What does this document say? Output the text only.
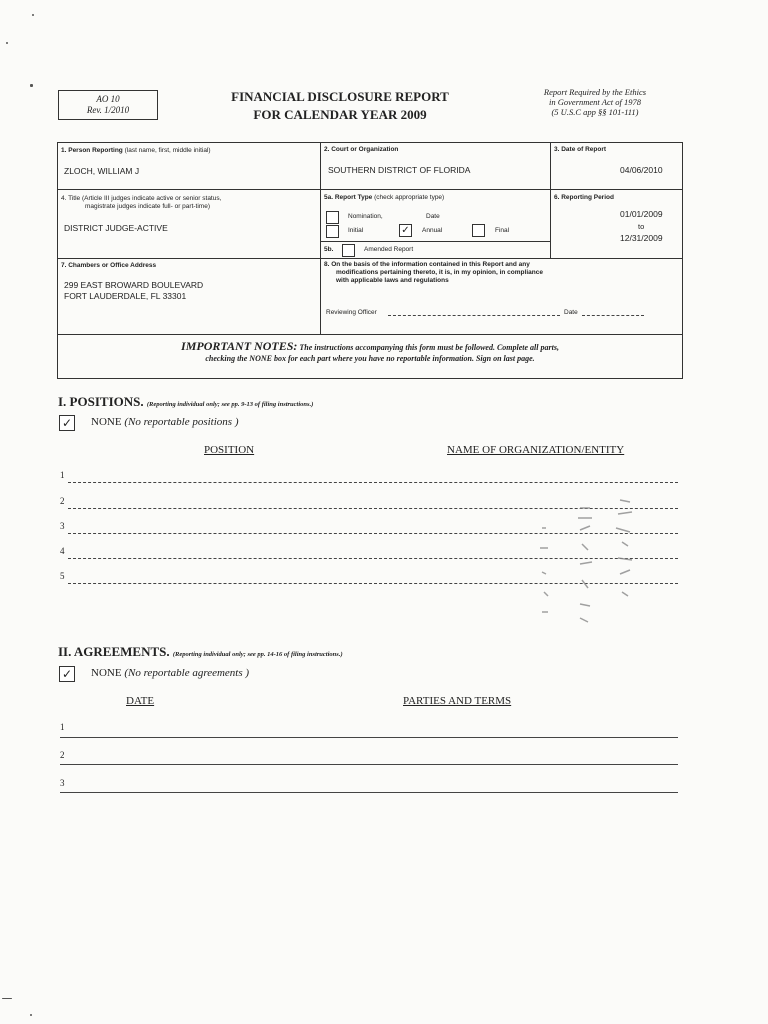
AO 10
Rev. 1/2010
FINANCIAL DISCLOSURE REPORT
FOR CALENDAR YEAR 2009
Report Required by the Ethics
in Government Act of 1978
(5 U.S.C app §§ 101-111)
1. Person Reporting (last name, first, middle initial)
ZLOCH, WILLIAM J
2. Court or Organization
SOUTHERN DISTRICT OF FLORIDA
3. Date of Report
04/06/2010
4. Title (Article III judges indicate active or senior status,
magistrate judges indicate full- or part-time)
DISTRICT JUDGE-ACTIVE
5a. Report Type (check appropriate type)
Nomination,	Date
Initial	✓	Annual	Final
5b.	Amended Report
6. Reporting Period
01/01/2009
to
12/31/2009
7. Chambers or Office Address
299 EAST BROWARD BOULEVARD
FORT LAUDERDALE, FL 33301
8. On the basis of the information contained in this Report and any
modifications pertaining thereto, it is, in my opinion, in compliance
with applicable laws and regulations
Reviewing Officer	Date
IMPORTANT NOTES: The instructions accompanying this form must be followed. Complete all parts,
checking the NONE box for each part where you have no reportable information. Sign on last page.
I. POSITIONS. (Reporting individual only; see pp. 9-13 of filing instructions.)
✓ NONE (No reportable positions )
POSITION	NAME OF ORGANIZATION/ENTITY
1
2
3
4
5
II. AGREEMENTS. (Reporting individual only; see pp. 14-16 of filing instructions.)
✓ NONE (No reportable agreements )
DATE	PARTIES AND TERMS
1
2
3
